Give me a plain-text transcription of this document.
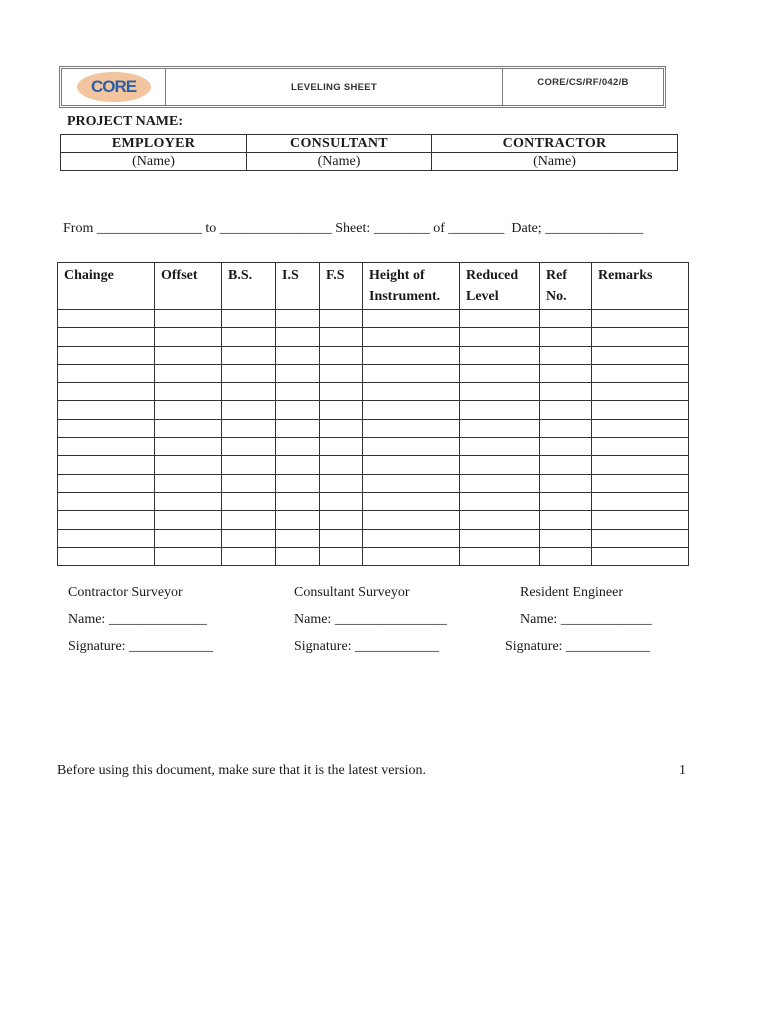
CORE	LEVELING SHEET	CORE/CS/RF/042/B
PROJECT NAME:
EMPLOYER	CONSULTANT	CONTRACTOR
(Name)	(Name)	(Name)
From _______________ to ________________ Sheet: ________ of ________  Date; ______________
Chainge	Offset	B.S.	I.S	F.S	Height of Instrument.	Reduced Level	Ref No.	Remarks

Contractor Surveyor
Name: ______________
Signature: ____________
Consultant Surveyor
Name: ________________
Signature: ____________
Resident Engineer
Name: _____________
Signature: ____________
Before using this document, make sure that it is the latest version.	1
